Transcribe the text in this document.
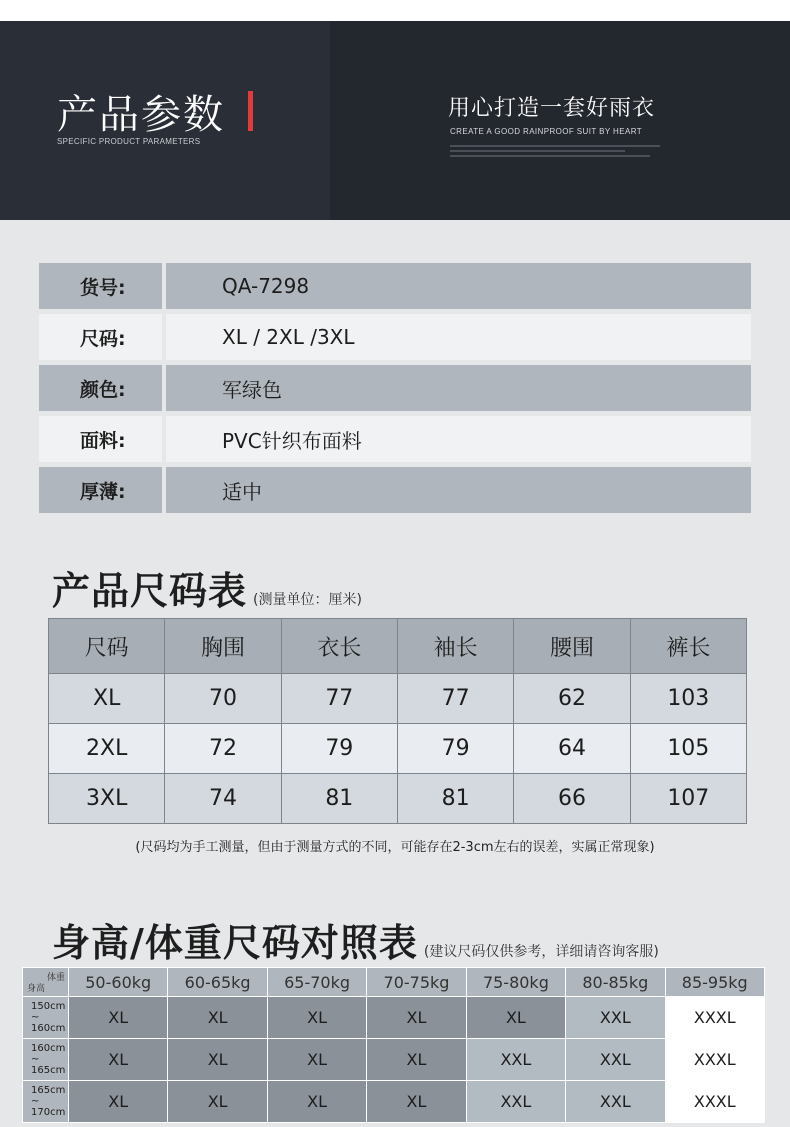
产品参数
SPECIFIC PRODUCT PARAMETERS
用心打造一套好雨衣
CREATE A GOOD RAINPROOF SUIT BY HEART
货号:	QA-7298
尺码:	XL / 2XL /3XL
颜色:	军绿色
面料:	PVC针织布面料
厚薄:	适中
产品尺码表 (测量单位：厘米)
尺码	胸围	衣长	袖长	腰围	裤长
XL	70	77	77	62	103
2XL	72	79	79	64	105
3XL	74	81	81	66	107
(尺码均为手工测量，但由于测量方式的不同，可能存在2-3cm左右的误差，实属正常现象)
身高/体重尺码对照表 (建议尺码仅供参考，详细请咨询客服)
体重
身高	50-60kg	60-65kg	65-70kg	70-75kg	75-80kg	80-85kg	85-95kg

150cm
~
160cm	XL	XL	XL	XL	XL	XXL	XXXL

160cm
~
165cm	XL	XL	XL	XL	XXL	XXL	XXXL

165cm
~
170cm	XL	XL	XL	XL	XXL	XXL	XXXL
